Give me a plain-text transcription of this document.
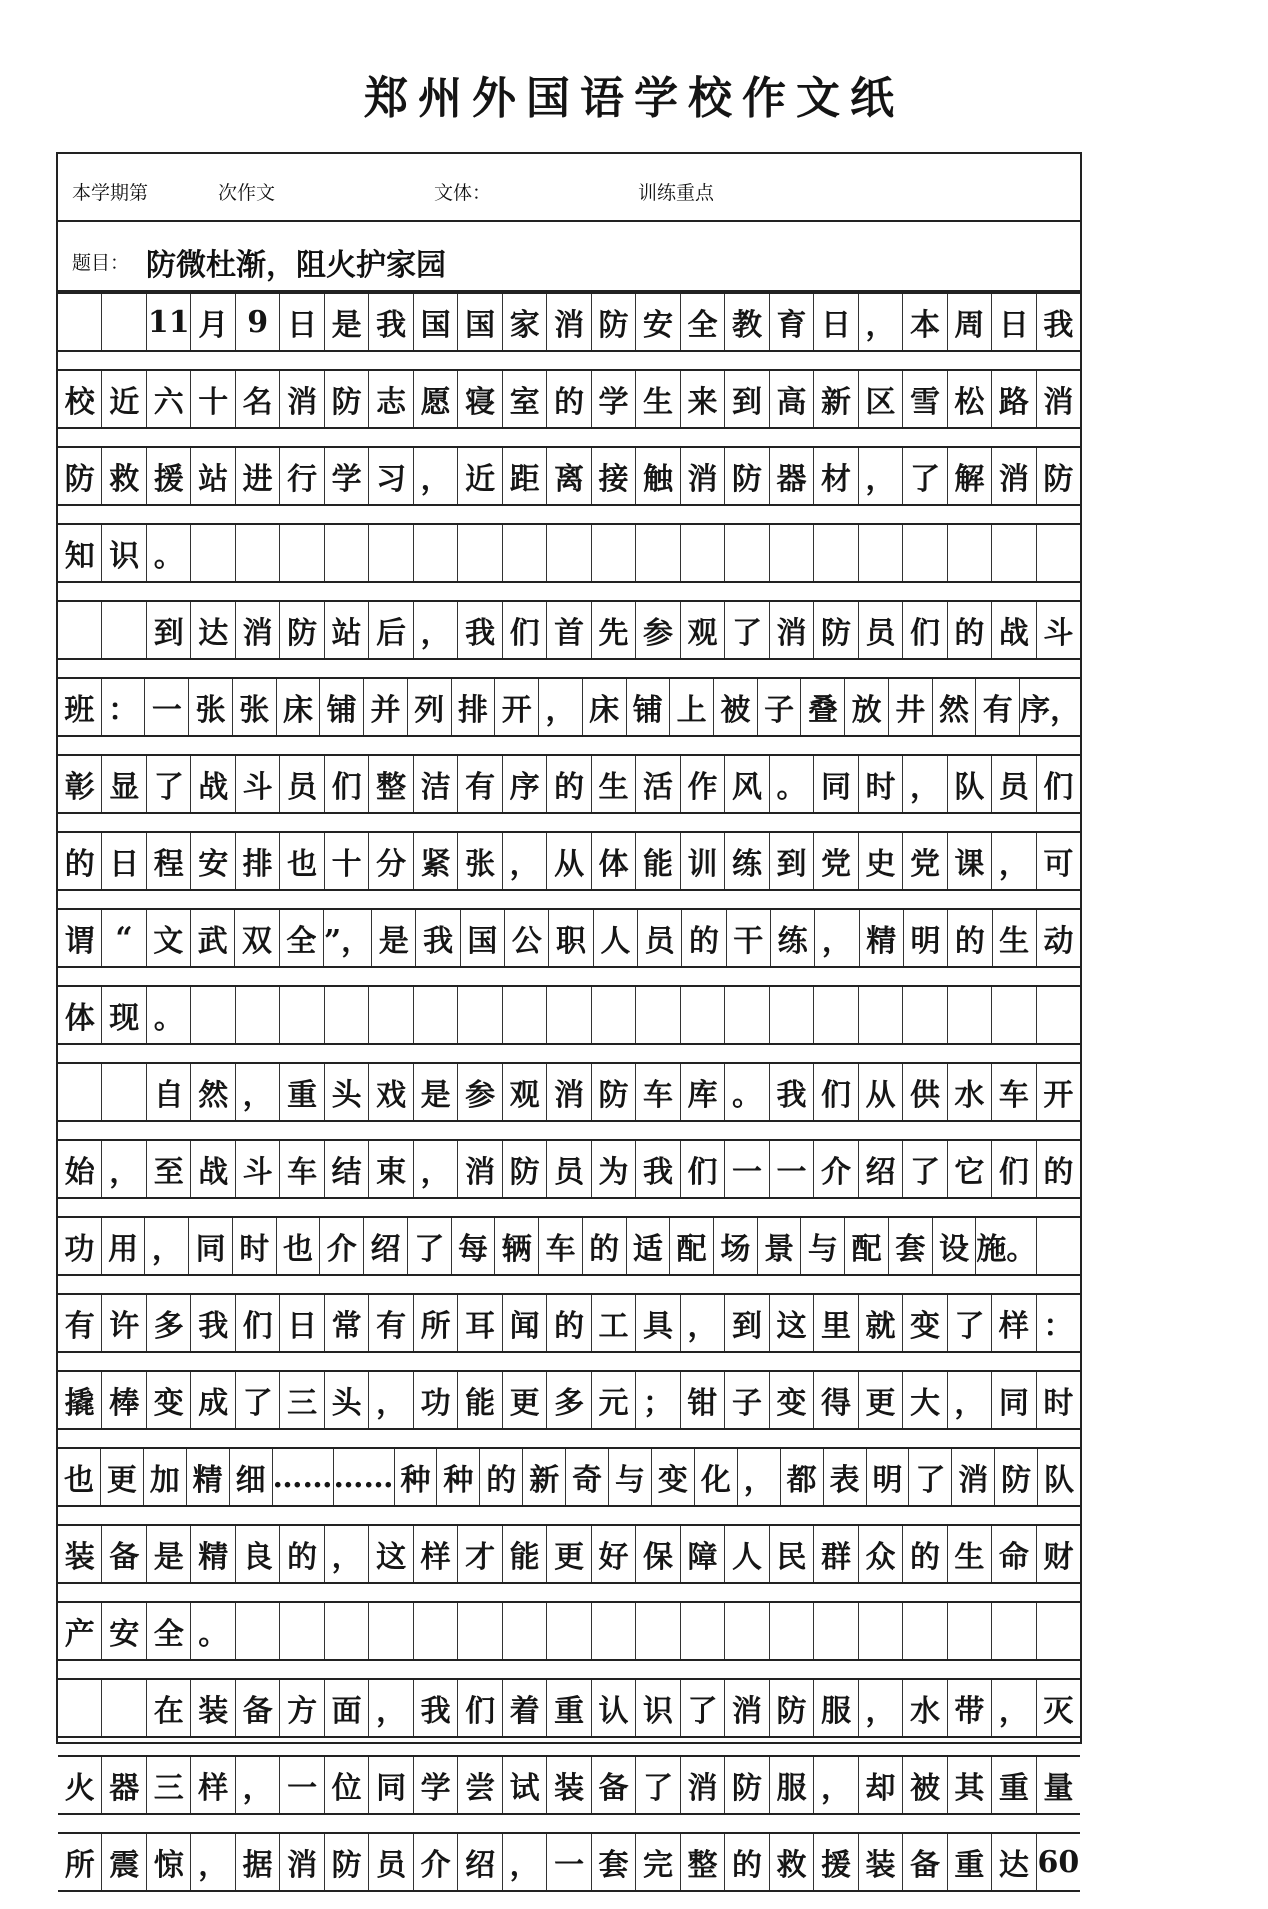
郑州外国语学校作文纸
本学期第	次作文	文体：	训练重点
题目： 防微杜渐，阻火护家园
11 月 9 日 是 我 国 国 家 消 防 安 全 教 育 日 ， 本 周 日 我
校 近 六 十 名 消 防 志 愿 寝 室 的 学 生 来 到 高 新 区 雪 松 路 消
防 救 援 站 进 行 学 习 ， 近 距 离 接 触 消 防 器 材 ， 了 解 消 防
知 识 。
到 达 消 防 站 后 ， 我 们 首 先 参 观 了 消 防 员 们 的 战 斗
班 ： 一 张 张 床 铺 并 列 排 开 ， 床 铺 上 被 子 叠 放 井 然 有 序，
彰 显 了 战 斗 员 们 整 洁 有 序 的 生 活 作 风 。 同 时 ， 队 员 们
的 日 程 安 排 也 十 分 紧 张 ， 从 体 能 训 练 到 党 史 党 课 ， 可
谓 “ 文 武 双 全 ”， 是 我 国 公 职 人 员 的 干 练 ， 精 明 的 生 动
体 现 。
自 然 ， 重 头 戏 是 参 观 消 防 车 库 。 我 们 从 供 水 车 开
始 ， 至 战 斗 车 结 束 ， 消 防 员 为 我 们 一 一 介 绍 了 它 们 的
功 用 ， 同 时 也 介 绍 了 每 辆 车 的 适 配 场 景 与 配 套 设 施。
有 许 多 我 们 日 常 有 所 耳 闻 的 工 具 ， 到 这 里 就 变 了 样 ：
撬 棒 变 成 了 三 头 ， 功 能 更 多 元 ； 钳 子 变 得 更 大 ， 同 时
也 更 加 精 细 …… …… 种 种 的 新 奇 与 变 化 ， 都 表 明 了 消 防 队
装 备 是 精 良 的 ， 这 样 才 能 更 好 保 障 人 民 群 众 的 生 命 财
产 安 全 。
在 装 备 方 面 ， 我 们 着 重 认 识 了 消 防 服 ， 水 带 ， 灭
火 器 三 样 ， 一 位 同 学 尝 试 装 备 了 消 防 服 ， 却 被 其 重 量
所 震 惊 ， 据 消 防 员 介 绍 ， 一 套 完 整 的 救 援 装 备 重 达 60
